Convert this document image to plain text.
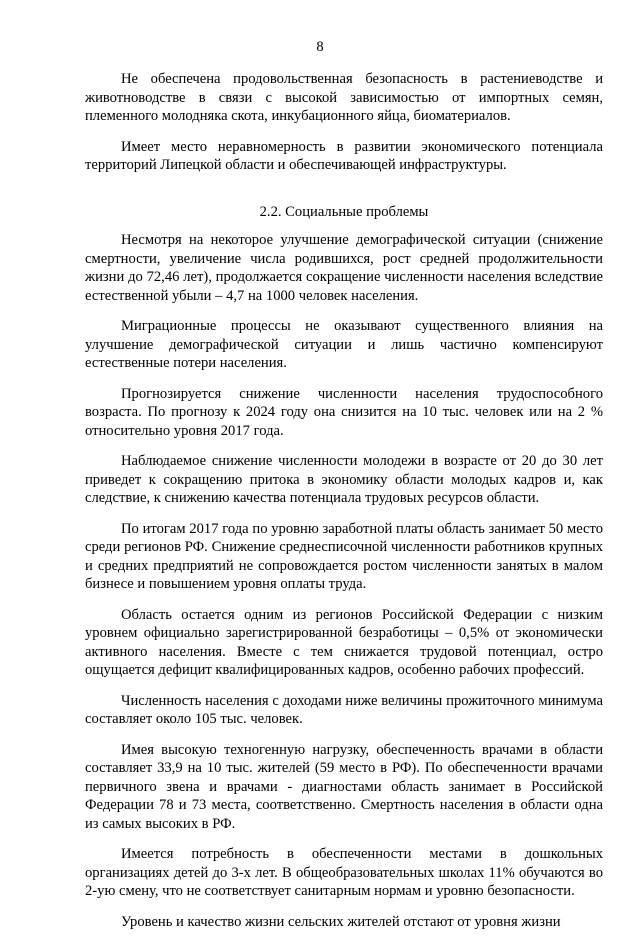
8

Не обеспечена продовольственная безопасность в растениеводстве и животноводстве в связи с высокой зависимостью от импортных семян, племенного молодняка скота, инкубационного яйца, биоматериалов.

Имеет место неравномерность в развитии экономического потенциала территорий Липецкой области и обеспечивающей инфраструктуры.

2.2. Социальные проблемы

Несмотря на некоторое улучшение демографической ситуации (снижение смертности, увеличение числа родившихся, рост средней продолжительности жизни до 72,46 лет), продолжается сокращение численности населения вследствие естественной убыли – 4,7 на 1000 человек населения.

Миграционные процессы не оказывают существенного влияния на улучшение демографической ситуации и лишь частично компенсируют естественные потери населения.

Прогнозируется снижение численности населения трудоспособного возраста. По прогнозу к 2024 году она снизится на 10 тыс. человек или на 2 % относительно уровня 2017 года.

Наблюдаемое снижение численности молодежи в возрасте от 20 до 30 лет приведет к сокращению притока в экономику области молодых кадров и, как следствие, к снижению качества потенциала трудовых ресурсов области.

По итогам 2017 года по уровню заработной платы область занимает 50 место среди регионов РФ. Снижение среднесписочной численности работников крупных и средних предприятий не сопровождается ростом численности занятых в малом бизнесе и повышением уровня оплаты труда.

Область остается одним из регионов Российской Федерации с низким уровнем официально зарегистрированной безработицы – 0,5% от экономически активного населения. Вместе с тем снижается трудовой потенциал, остро ощущается дефицит квалифицированных кадров, особенно рабочих профессий.

Численность населения с доходами ниже величины прожиточного минимума составляет около 105 тыс. человек.

Имея высокую техногенную нагрузку, обеспеченность врачами в области составляет 33,9 на 10 тыс. жителей (59 место в РФ). По обеспеченности врачами первичного звена и врачами - диагностами область занимает в Российской Федерации 78 и 73 места, соответственно. Смертность населения в области одна из самых высоких в РФ.

Имеется потребность в обеспеченности местами в дошкольных организациях детей до 3-х лет. В общеобразовательных школах 11% обучаются во 2-ую смену, что не соответствует санитарным нормам и уровню безопасности.

Уровень и качество жизни сельских жителей отстают от уровня жизни
